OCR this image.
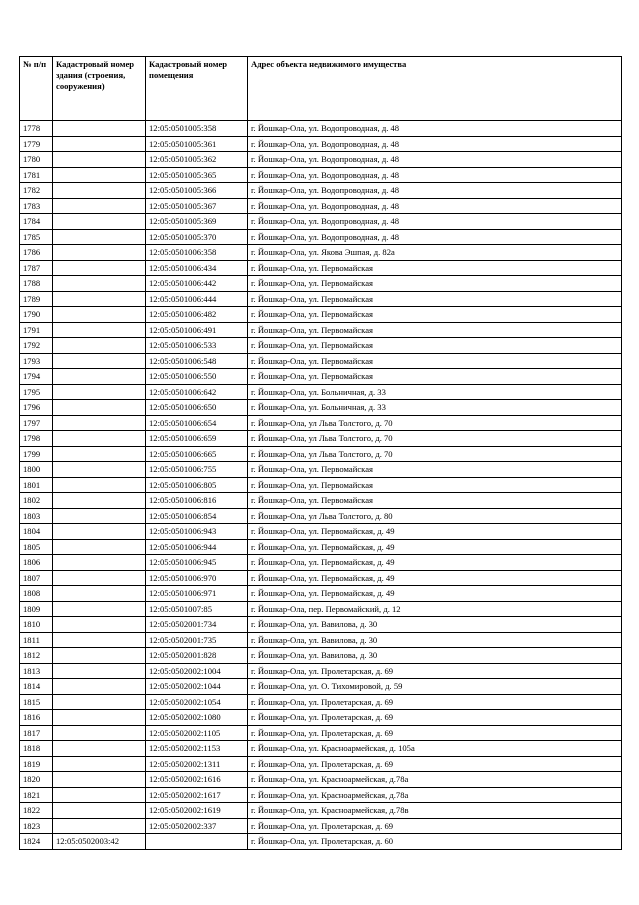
№ п/п	Кадастровый номер здания (строения, сооружения)	Кадастровый номер помещения	Адрес объекта недвижимого имущества
1778		12:05:0501005:358	г. Йошкар-Ола, ул. Водопроводная, д. 48
1779		12:05:0501005:361	г. Йошкар-Ола, ул. Водопроводная, д. 48
1780		12:05:0501005:362	г. Йошкар-Ола, ул. Водопроводная, д. 48
1781		12:05:0501005:365	г. Йошкар-Ола, ул. Водопроводная, д. 48
1782		12:05:0501005:366	г. Йошкар-Ола, ул. Водопроводная, д. 48
1783		12:05:0501005:367	г. Йошкар-Ола, ул. Водопроводная, д. 48
1784		12:05:0501005:369	г. Йошкар-Ола, ул. Водопроводная, д. 48
1785		12:05:0501005:370	г. Йошкар-Ола, ул. Водопроводная, д. 48
1786		12:05:0501006:358	г. Йошкар-Ола, ул. Якова Эшпая, д. 82а
1787		12:05:0501006:434	г. Йошкар-Ола, ул. Первомайская
1788		12:05:0501006:442	г. Йошкар-Ола, ул. Первомайская
1789		12:05:0501006:444	г. Йошкар-Ола, ул. Первомайская
1790		12:05:0501006:482	г. Йошкар-Ола, ул. Первомайская
1791		12:05:0501006:491	г. Йошкар-Ола, ул. Первомайская
1792		12:05:0501006:533	г. Йошкар-Ола, ул. Первомайская
1793		12:05:0501006:548	г. Йошкар-Ола, ул. Первомайская
1794		12:05:0501006:550	г. Йошкар-Ола, ул. Первомайская
1795		12:05:0501006:642	г. Йошкар-Ола, ул. Больничная, д. 33
1796		12:05:0501006:650	г. Йошкар-Ола, ул. Больничная, д. 33
1797		12:05:0501006:654	г. Йошкар-Ола, ул Льва Толстого, д. 70
1798		12:05:0501006:659	г. Йошкар-Ола, ул Льва Толстого, д. 70
1799		12:05:0501006:665	г. Йошкар-Ола, ул Льва Толстого, д. 70
1800		12:05:0501006:755	г. Йошкар-Ола, ул. Первомайская
1801		12:05:0501006:805	г. Йошкар-Ола, ул. Первомайская
1802		12:05:0501006:816	г. Йошкар-Ола, ул. Первомайская
1803		12:05:0501006:854	г. Йошкар-Ола, ул Льва Толстого, д. 80
1804		12:05:0501006:943	г. Йошкар-Ола, ул. Первомайская, д. 49
1805		12:05:0501006:944	г. Йошкар-Ола, ул. Первомайская, д. 49
1806		12:05:0501006:945	г. Йошкар-Ола, ул. Первомайская, д. 49
1807		12:05:0501006:970	г. Йошкар-Ола, ул. Первомайская, д. 49
1808		12:05:0501006:971	г. Йошкар-Ола, ул. Первомайская, д. 49
1809		12:05:0501007:85	г. Йошкар-Ола, пер. Первомайский, д. 12
1810		12:05:0502001:734	г. Йошкар-Ола, ул. Вавилова, д. 30
1811		12:05:0502001:735	г. Йошкар-Ола, ул. Вавилова, д. 30
1812		12:05:0502001:828	г. Йошкар-Ола, ул. Вавилова, д. 30
1813		12:05:0502002:1004	г. Йошкар-Ола, ул. Пролетарская, д. 69
1814		12:05:0502002:1044	г. Йошкар-Ола, ул. О. Тихомировой, д. 59
1815		12:05:0502002:1054	г. Йошкар-Ола, ул. Пролетарская, д. 69
1816		12:05:0502002:1080	г. Йошкар-Ола, ул. Пролетарская, д. 69
1817		12:05:0502002:1105	г. Йошкар-Ола, ул. Пролетарская, д. 69
1818		12:05:0502002:1153	г. Йошкар-Ола, ул. Красноармейская, д. 105а
1819		12:05:0502002:1311	г. Йошкар-Ола, ул. Пролетарская, д. 69
1820		12:05:0502002:1616	г. Йошкар-Ола, ул. Красноармейская, д.78а
1821		12:05:0502002:1617	г. Йошкар-Ола, ул. Красноармейская, д.78а
1822		12:05:0502002:1619	г. Йошкар-Ола, ул. Красноармейская, д.78в
1823		12:05:0502002:337	г. Йошкар-Ола, ул. Пролетарская, д. 69
1824	12:05:0502003:42		г. Йошкар-Ола, ул. Пролетарская, д. 60
